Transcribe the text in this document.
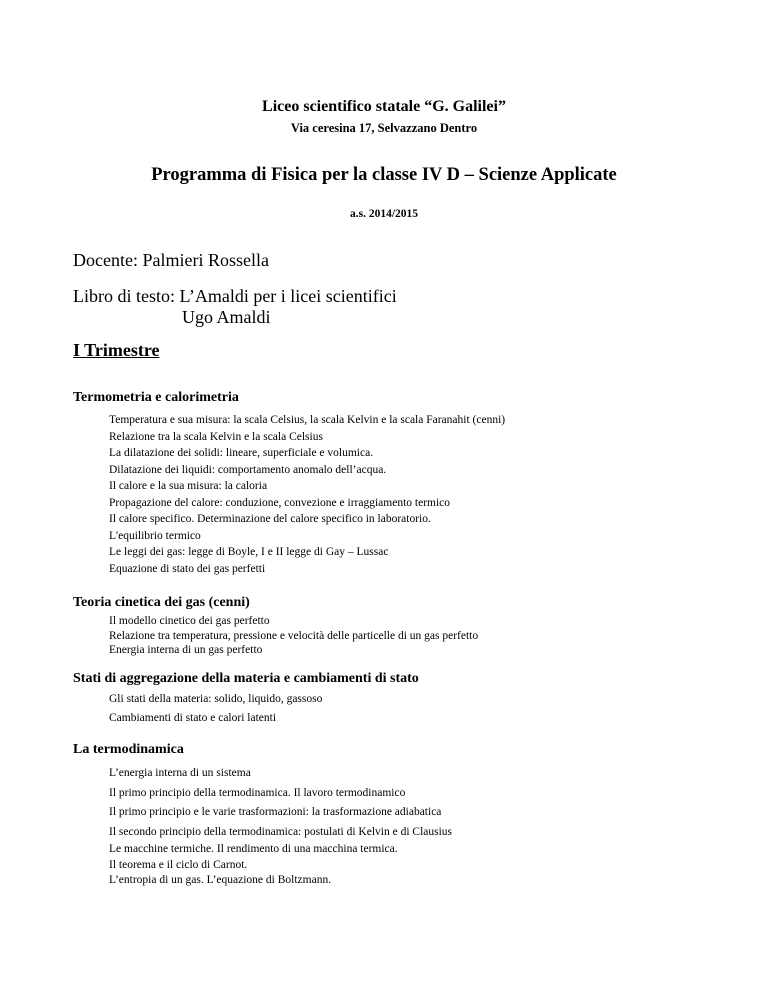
Liceo scientifico statale “G. Galilei”
Via ceresina 17, Selvazzano Dentro
Programma di Fisica per la classe IV D – Scienze Applicate
a.s. 2014/2015
Docente: Palmieri Rossella
Libro di testo: L’Amaldi per i licei scientifici
Ugo Amaldi
I Trimestre
Termometria e calorimetria
Temperatura e sua misura: la scala Celsius, la scala Kelvin e la scala Faranahit (cenni)
Relazione tra la scala Kelvin e la scala Celsius
La dilatazione dei solidi: lineare, superficiale e volumica.
Dilatazione dei liquidi: comportamento anomalo dell’acqua.
Il calore e la sua misura: la caloria
Propagazione del calore: conduzione, convezione e irraggiamento termico
Il calore specifico. Determinazione del calore specifico in laboratorio.
L'equilibrio termico
Le leggi dei gas: legge di Boyle, I e II legge di Gay – Lussac
Equazione di stato dei gas perfetti
Teoria cinetica dei gas (cenni)
Il modello cinetico dei gas perfetto
Relazione tra temperatura, pressione e velocità delle particelle di un gas perfetto
Energia interna di un gas perfetto
Stati di aggregazione della materia e cambiamenti di stato
Gli stati della materia: solido, liquido, gassoso
Cambiamenti di stato e calori latenti
La termodinamica
L’energia interna di un sistema
Il primo principio della termodinamica. Il lavoro termodinamico
Il primo principio e le varie trasformazioni: la trasformazione adiabatica
Il secondo principio della termodinamica: postulati di Kelvin e di Clausius
Le macchine termiche. Il rendimento di una macchina termica.
Il teorema e il ciclo di Carnot.
L’entropia di un gas. L’equazione di Boltzmann.
